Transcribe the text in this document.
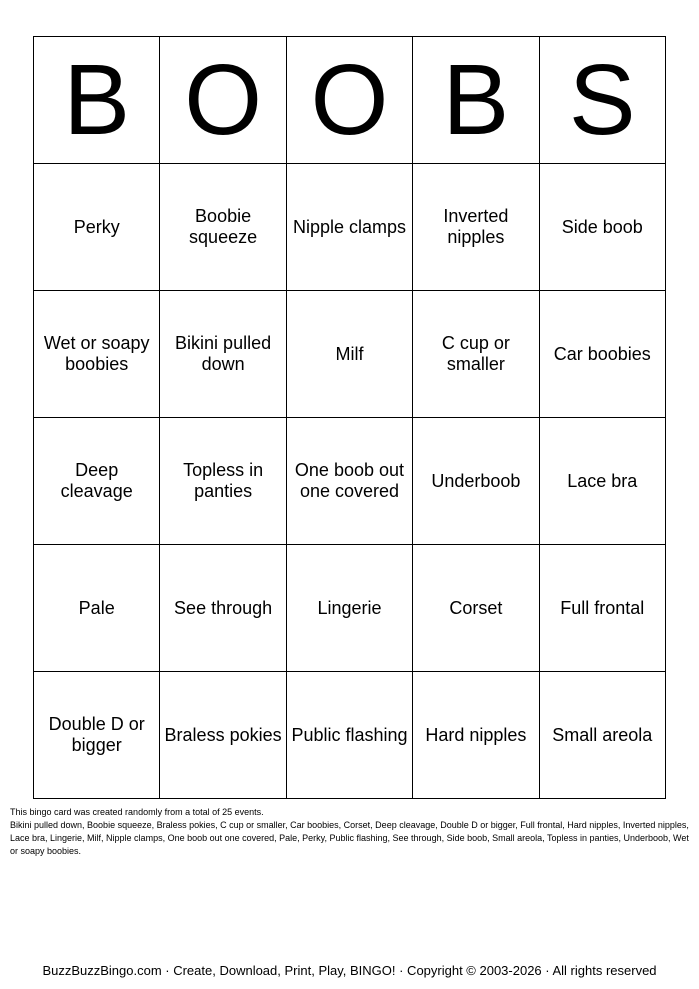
B	O	O	B	S
Perky	Boobie squeeze	Nipple clamps	Inverted nipples	Side boob
Wet or soapy boobies	Bikini pulled down	Milf	C cup or smaller	Car boobies
Deep cleavage	Topless in panties	One boob out one covered	Underboob	Lace bra
Pale	See through	Lingerie	Corset	Full frontal
Double D or bigger	Braless pokies	Public flashing	Hard nipples	Small areola

This bingo card was created randomly from a total of 25 events.

Bikini pulled down, Boobie squeeze, Braless pokies, C cup or smaller, Car boobies, Corset, Deep cleavage, Double D or bigger, Full frontal, Hard nipples, Inverted nipples, Lace bra, Lingerie, Milf, Nipple clamps, One boob out one covered, Pale, Perky, Public flashing, See through, Side boob, Small areola, Topless in panties, Underboob, Wet or soapy boobies.

BuzzBuzzBingo.com · Create, Download, Print, Play, BINGO! · Copyright © 2003-2026 · All rights reserved
